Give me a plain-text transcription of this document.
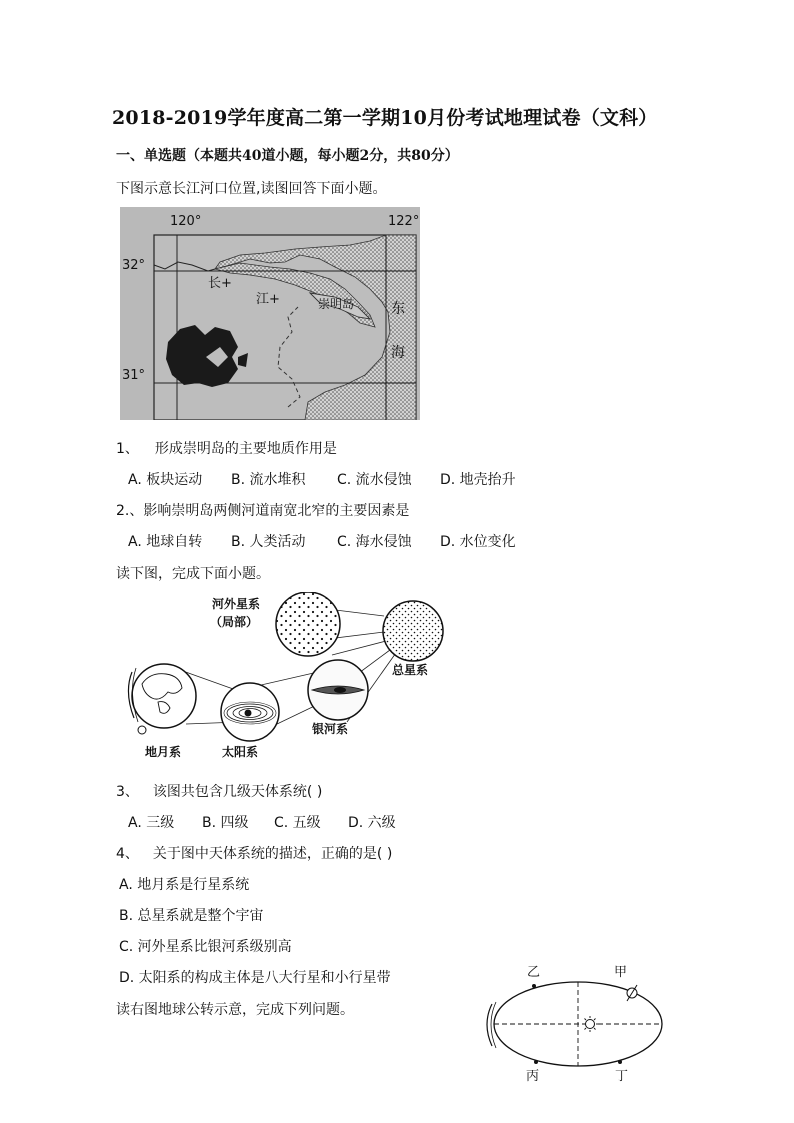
2018-2019学年度高二第一学期10月份考试地理试卷（文科）
一、单选题（本题共40道小题，每小题2分，共80分）
下图示意长江河口位置,读图回答下面小题。
120°	122°
32°
31°
长+
江+	崇明岛	东
海
1、 形成崇明岛的主要地质作用是
A. 板块运动 B. 流水堆积 C. 流水侵蚀 D. 地壳抬升
2.、影响崇明岛两侧河道南宽北窄的主要因素是
A. 地球自转 B. 人类活动 C. 海水侵蚀 D. 水位变化
读下图，完成下面小题。
河外星系
（局部）
总星系
银河系
地月系	太阳系
3、 该图共包含几级天体系统( )
A. 三级 B. 四级 C. 五级 D. 六级
4、 关于图中天体系统的描述，正确的是( )
A. 地月系是行星系统
B. 总星系就是整个宇宙
C. 河外星系比银河系级别高
D. 太阳系的构成主体是八大行星和小行星带
读右图地球公转示意，完成下列问题。
乙	甲
丙	丁
